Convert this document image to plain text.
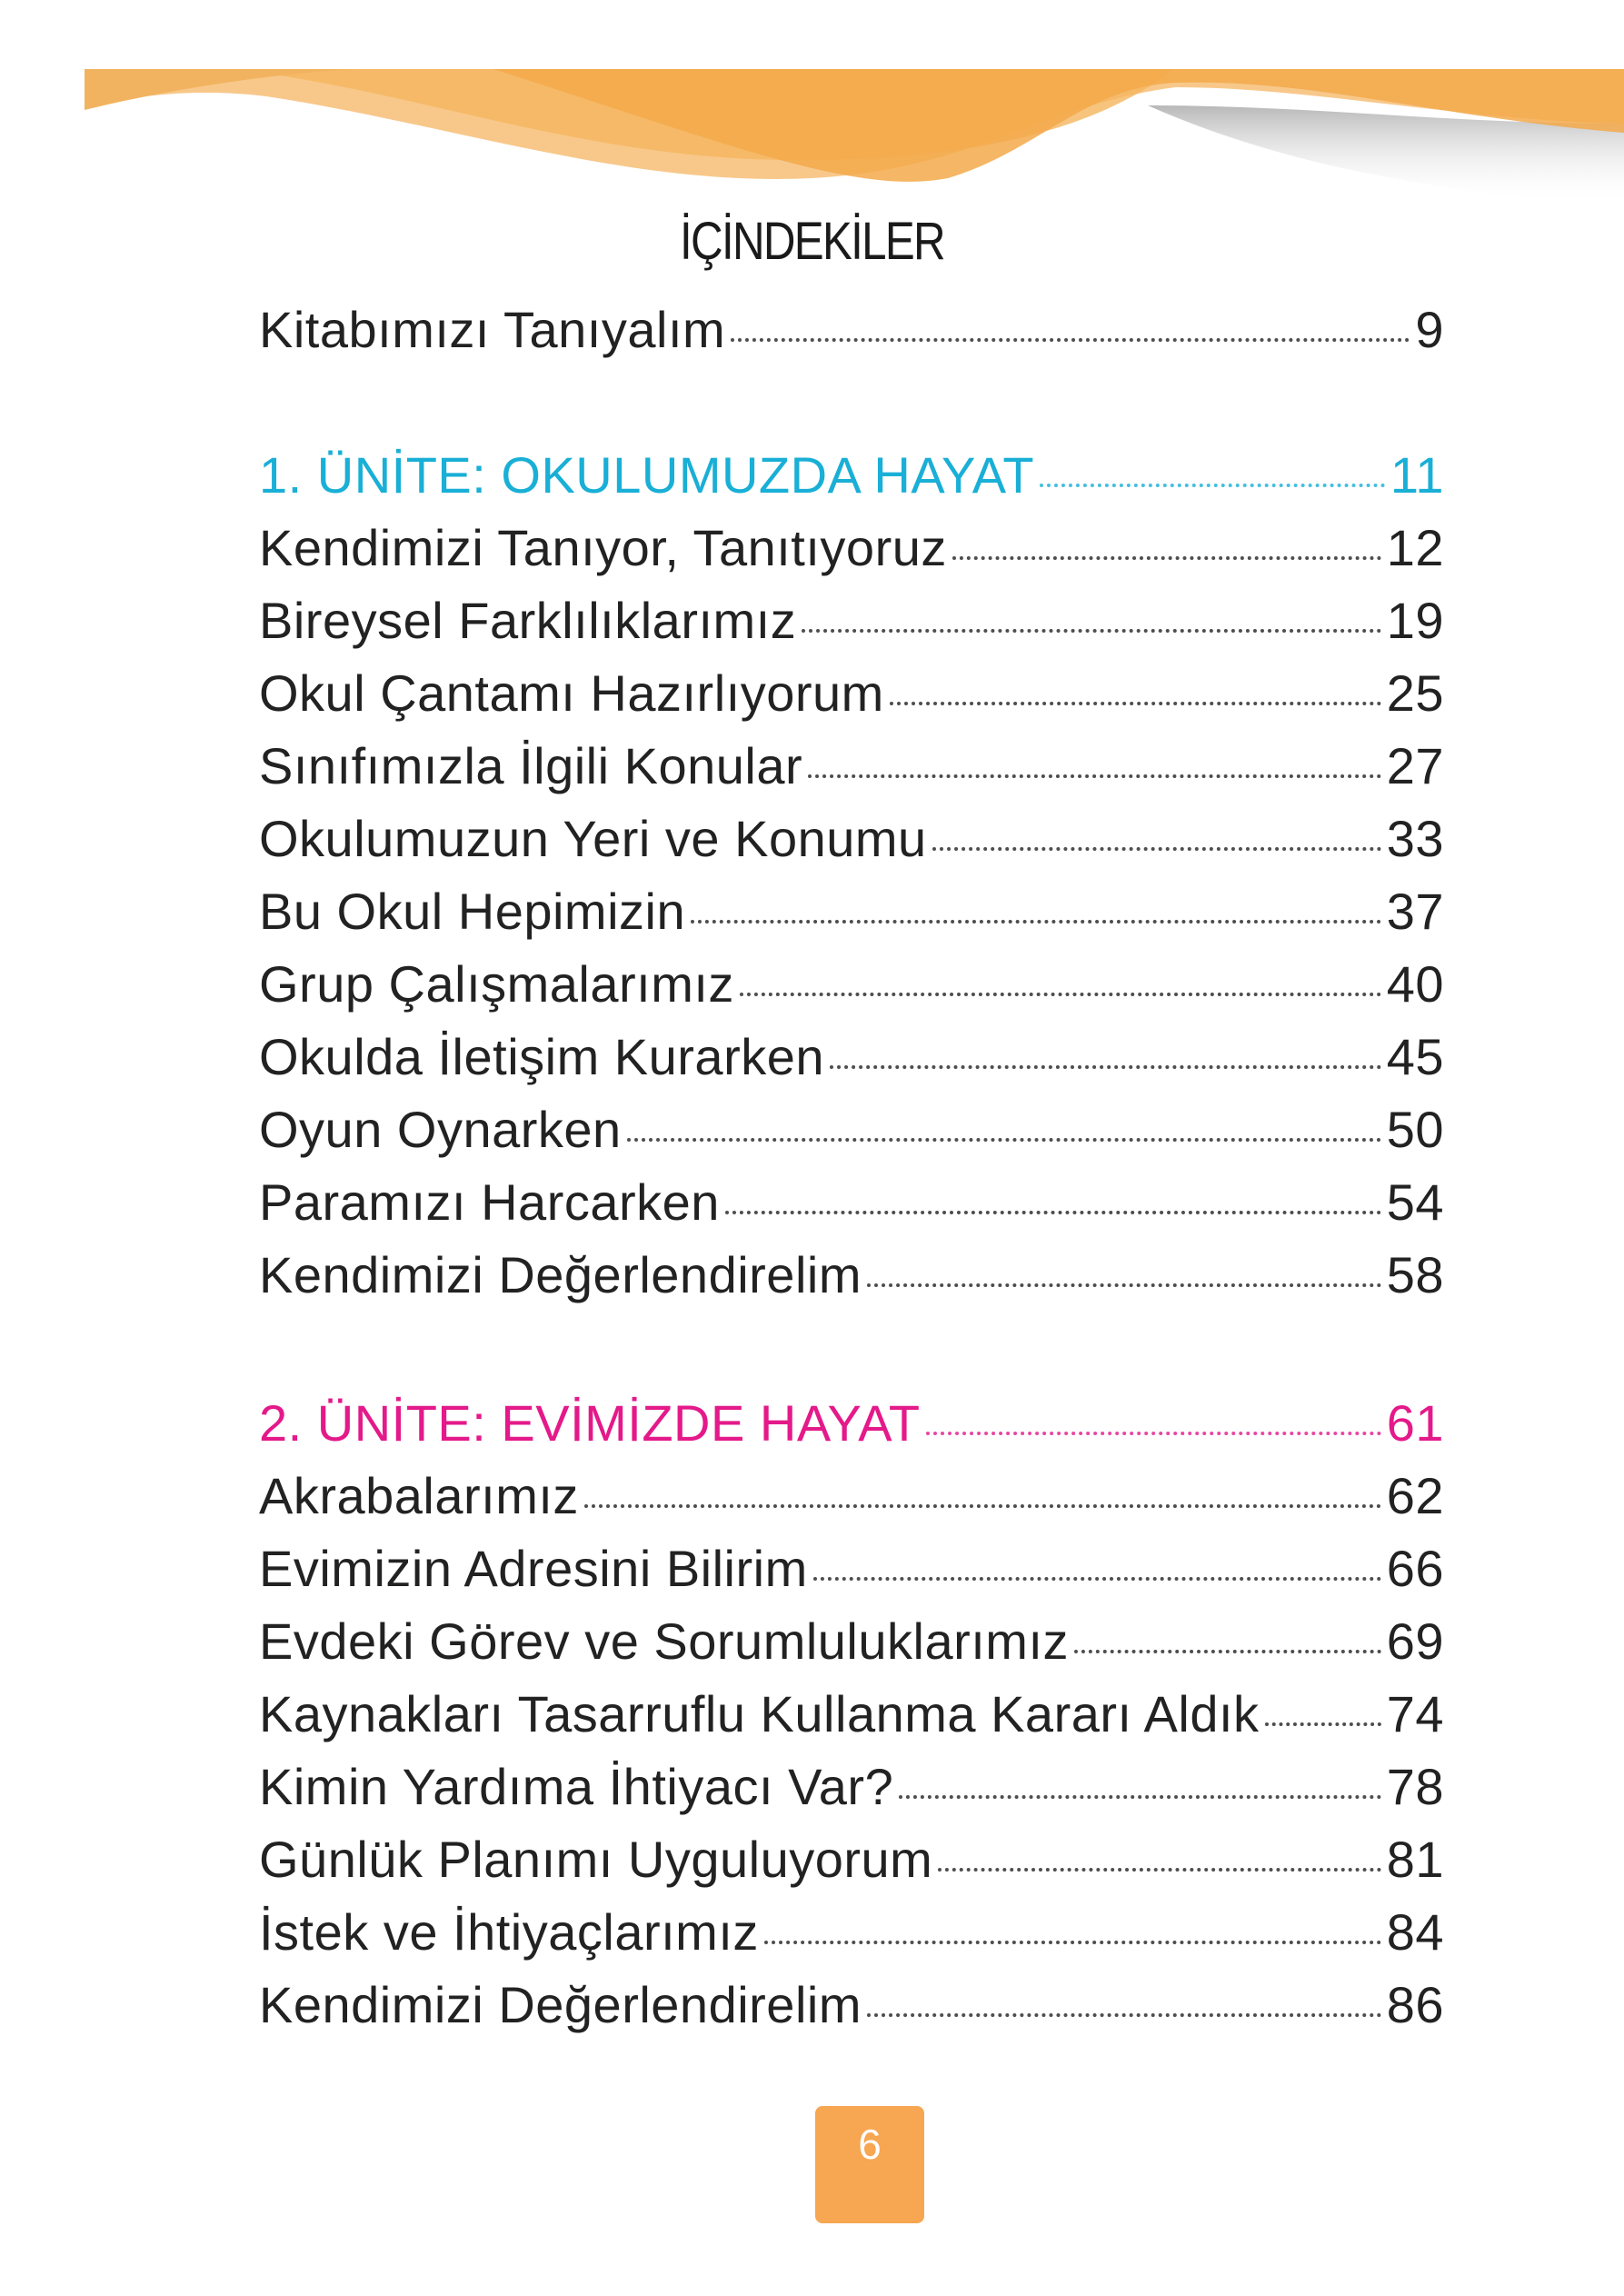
İÇİNDEKİLER
Kitabımızı Tanıyalım	9
1. ÜNİTE: OKULUMUZDA HAYAT	11
Kendimizi Tanıyor, Tanıtıyoruz	12
Bireysel Farklılıklarımız	19
Okul Çantamı Hazırlıyorum	25
Sınıfımızla İlgili Konular	27
Okulumuzun Yeri ve Konumu	33
Bu Okul Hepimizin	37
Grup Çalışmalarımız	40
Okulda İletişim Kurarken	45
Oyun Oynarken	50
Paramızı Harcarken	54
Kendimizi Değerlendirelim	58
2. ÜNİTE: EVİMİZDE HAYAT	61
Akrabalarımız	62
Evimizin Adresini Bilirim	66
Evdeki Görev ve Sorumluluklarımız	69
Kaynakları Tasarruflu Kullanma Kararı Aldık	74
Kimin Yardıma İhtiyacı Var?	78
Günlük Planımı Uyguluyorum	81
İstek ve İhtiyaçlarımız	84
Kendimizi Değerlendirelim	86
6
